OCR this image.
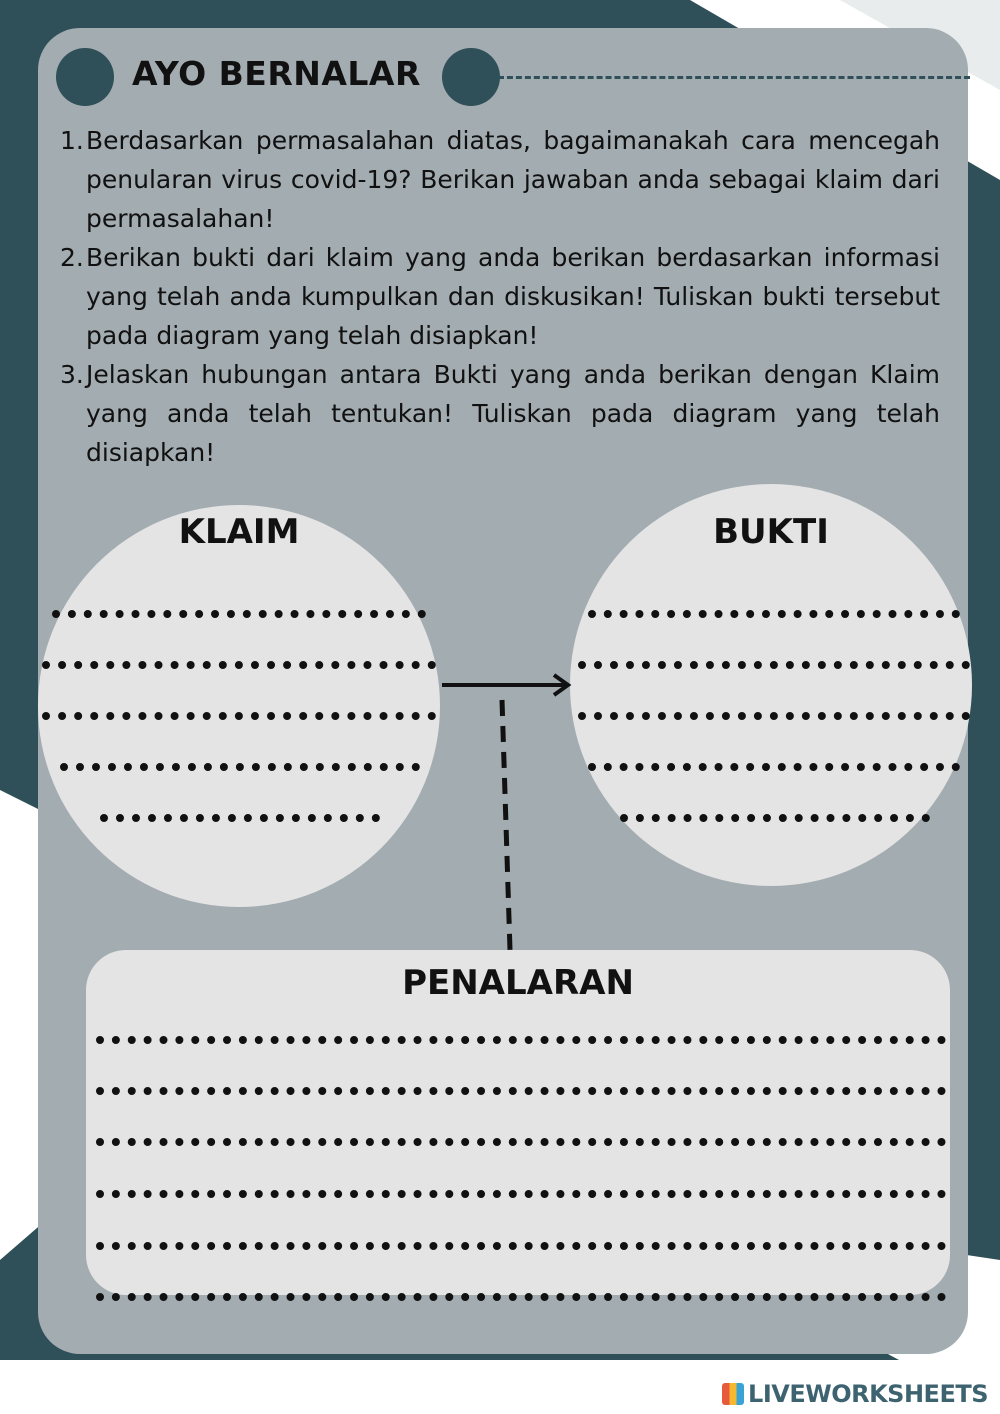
AYO BERNALAR
1. Berdasarkan permasalahan diatas, bagaimanakah cara mencegah penularan virus covid-19? Berikan jawaban anda sebagai klaim dari permasalahan!
2. Berikan bukti dari klaim yang anda berikan berdasarkan informasi yang telah anda kumpulkan dan diskusikan! Tuliskan bukti tersebut pada diagram yang telah disiapkan!
3. Jelaskan hubungan antara Bukti yang anda berikan dengan Klaim yang anda telah tentukan! Tuliskan pada diagram yang telah disiapkan!
KLAIM	BUKTI
PENALARAN
LIVEWORKSHEETS
